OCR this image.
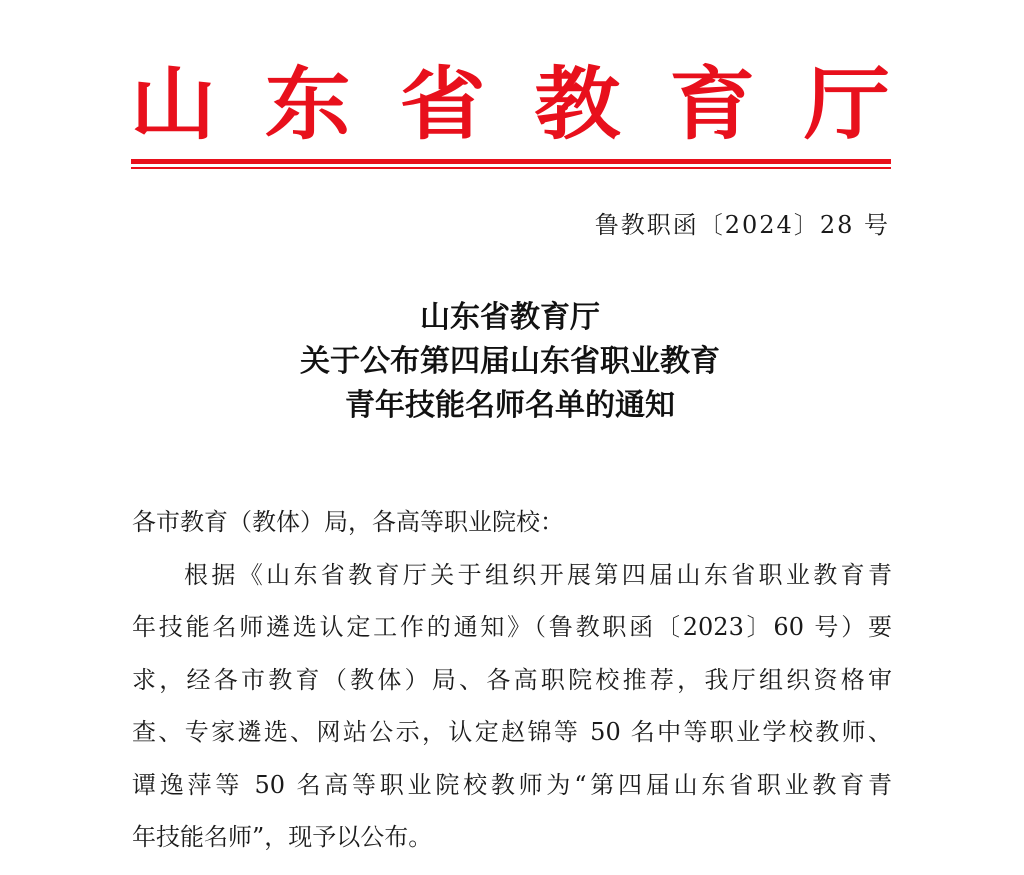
山 东 省 教 育 厅
鲁教职函〔2024〕28 号
山东省教育厅
关于公布第四届山东省职业教育
青年技能名师名单的通知
各市教育（教体）局，各高等职业院校：
根据《山东省教育厅关于组织开展第四届山东省职业教育青
年技能名师遴选认定工作的通知》（鲁教职函〔2023〕60 号）要
求，经各市教育（教体）局、各高职院校推荐，我厅组织资格审
查、专家遴选、网站公示，认定赵锦等 50 名中等职业学校教师、
谭逸萍等 50 名高等职业院校教师为“第四届山东省职业教育青
年技能名师”，现予以公布。
